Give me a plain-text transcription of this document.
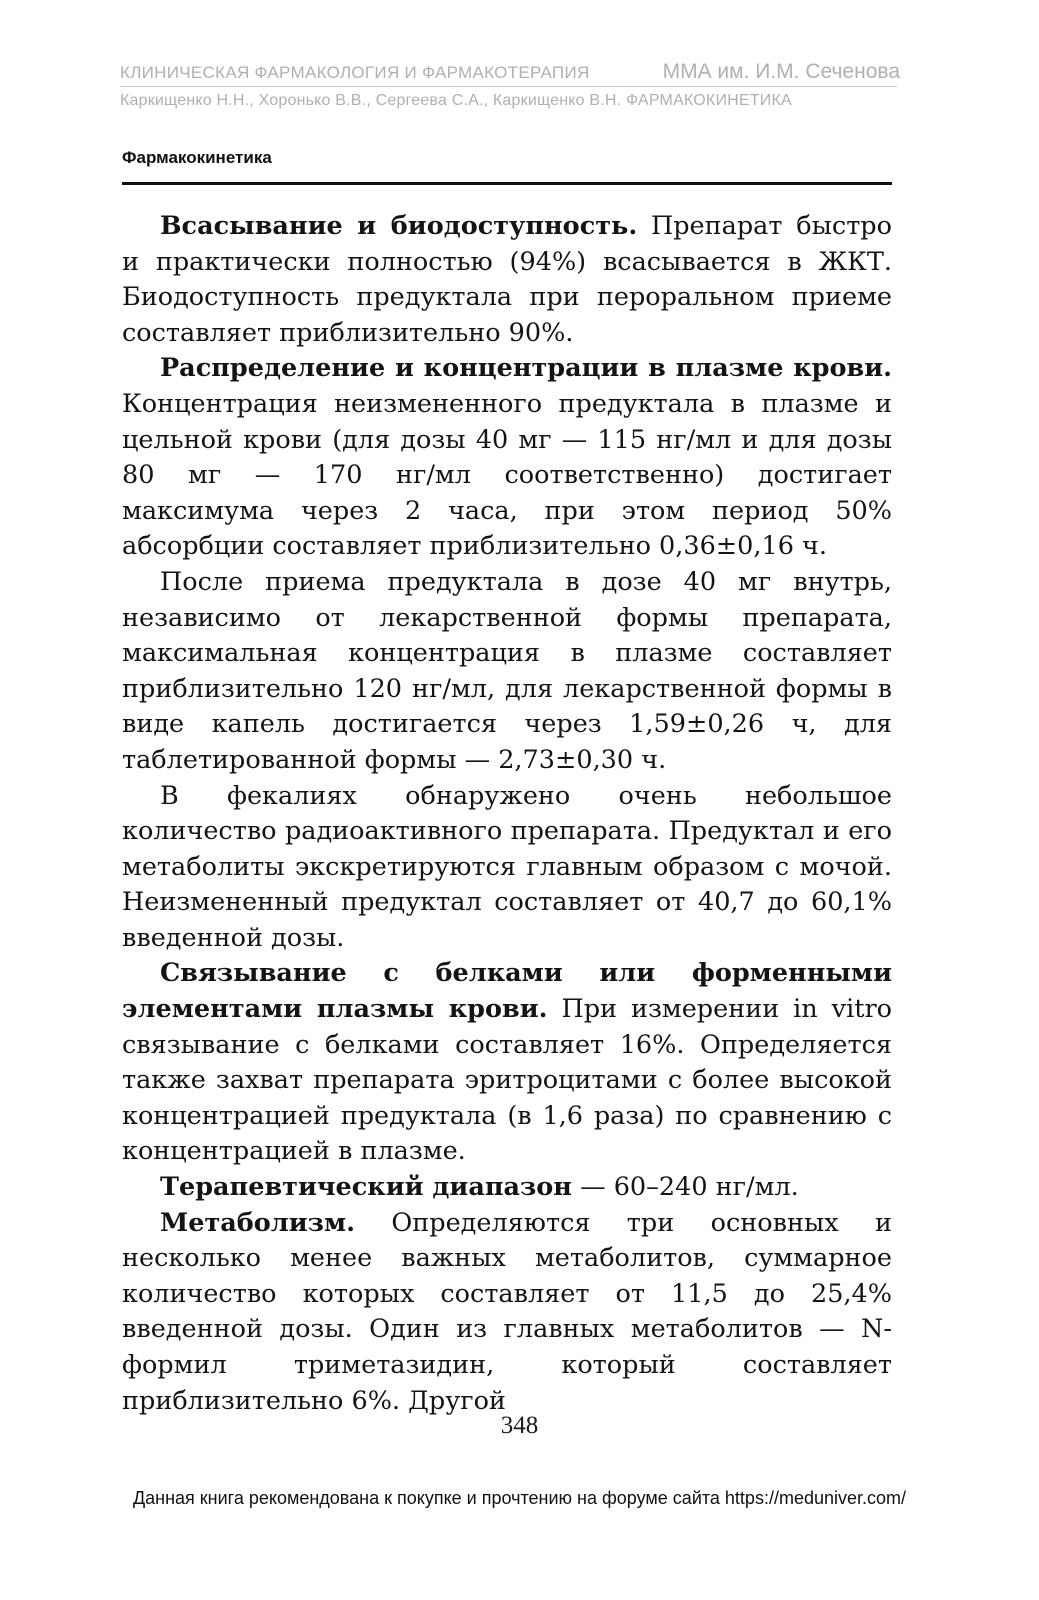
КЛИНИЧЕСКАЯ ФАРМАКОЛОГИЯ И ФАРМАКОТЕРАПИЯ	ММА им. И.М. Сеченова
Каркищенко Н.Н., Хоронько В.В., Сергеева С.А., Каркищенко В.Н. ФАРМАКОКИНЕТИКА
Фармакокинетика

Всасывание и биодоступность. Препарат быстро и практически полностью (94%) всасывается в ЖКТ. Биодоступность предуктала при пероральном приеме составляет приблизительно 90%.

Распределение и концентрации в плазме крови. Концентрация неизмененного предуктала в плазме и цельной крови (для дозы 40 мг — 115 нг/мл и для дозы 80 мг — 170 нг/мл соответственно) достигает максимума через 2 часа, при этом период 50% абсорбции составляет приблизительно 0,36±0,16 ч.

После приема предуктала в дозе 40 мг внутрь, независимо от лекарственной формы препарата, максимальная концентрация в плазме составляет приблизительно 120 нг/мл, для лекарственной формы в виде капель достигается через 1,59±0,26 ч, для таблетированной формы — 2,73±0,30 ч.

В фекалиях обнаружено очень небольшое количество радиоактивного препарата. Предуктал и его метаболиты экскретируются главным образом с мочой. Неизмененный предуктал составляет от 40,7 до 60,1% введенной дозы.

Связывание с белками или форменными элементами плазмы крови. При измерении in vitro связывание с белками составляет 16%. Определяется также захват препарата эритроцитами с более высокой концентрацией предуктала (в 1,6 раза) по сравнению с концентрацией в плазме.

Терапевтический диапазон — 60–240 нг/мл.

Метаболизм. Определяются три основных и несколько менее важных метаболитов, суммарное количество которых составляет от 11,5 до 25,4% введенной дозы. Один из главных метаболитов — N-формил триметазидин, который составляет приблизительно 6%. Другой

348
Данная книга рекомендована к покупке и прочтению на форуме сайта https://meduniver.com/
